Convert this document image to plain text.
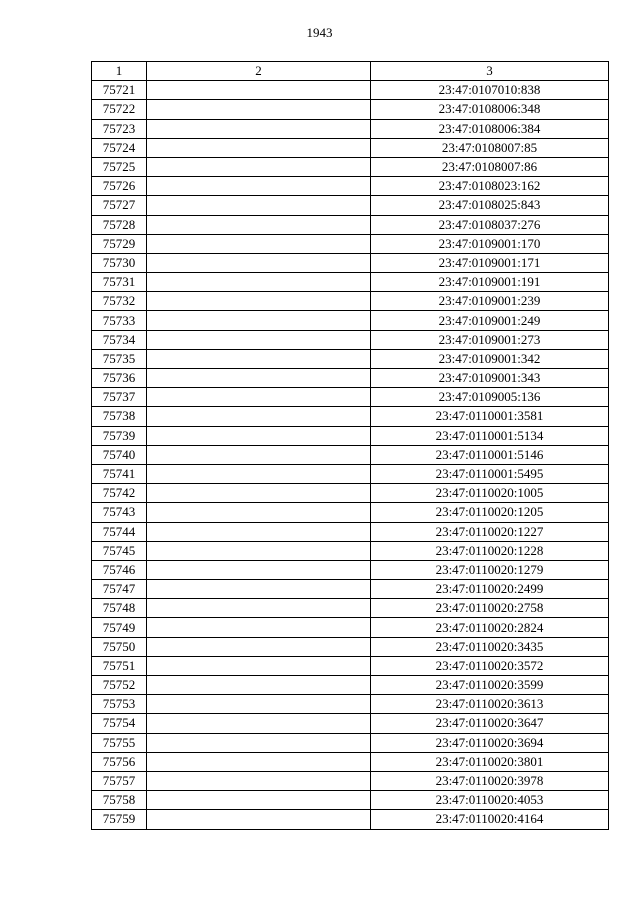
1943
1	2	3
75721		23:47:0107010:838
75722		23:47:0108006:348
75723		23:47:0108006:384
75724		23:47:0108007:85
75725		23:47:0108007:86
75726		23:47:0108023:162
75727		23:47:0108025:843
75728		23:47:0108037:276
75729		23:47:0109001:170
75730		23:47:0109001:171
75731		23:47:0109001:191
75732		23:47:0109001:239
75733		23:47:0109001:249
75734		23:47:0109001:273
75735		23:47:0109001:342
75736		23:47:0109001:343
75737		23:47:0109005:136
75738		23:47:0110001:3581
75739		23:47:0110001:5134
75740		23:47:0110001:5146
75741		23:47:0110001:5495
75742		23:47:0110020:1005
75743		23:47:0110020:1205
75744		23:47:0110020:1227
75745		23:47:0110020:1228
75746		23:47:0110020:1279
75747		23:47:0110020:2499
75748		23:47:0110020:2758
75749		23:47:0110020:2824
75750		23:47:0110020:3435
75751		23:47:0110020:3572
75752		23:47:0110020:3599
75753		23:47:0110020:3613
75754		23:47:0110020:3647
75755		23:47:0110020:3694
75756		23:47:0110020:3801
75757		23:47:0110020:3978
75758		23:47:0110020:4053
75759		23:47:0110020:4164
